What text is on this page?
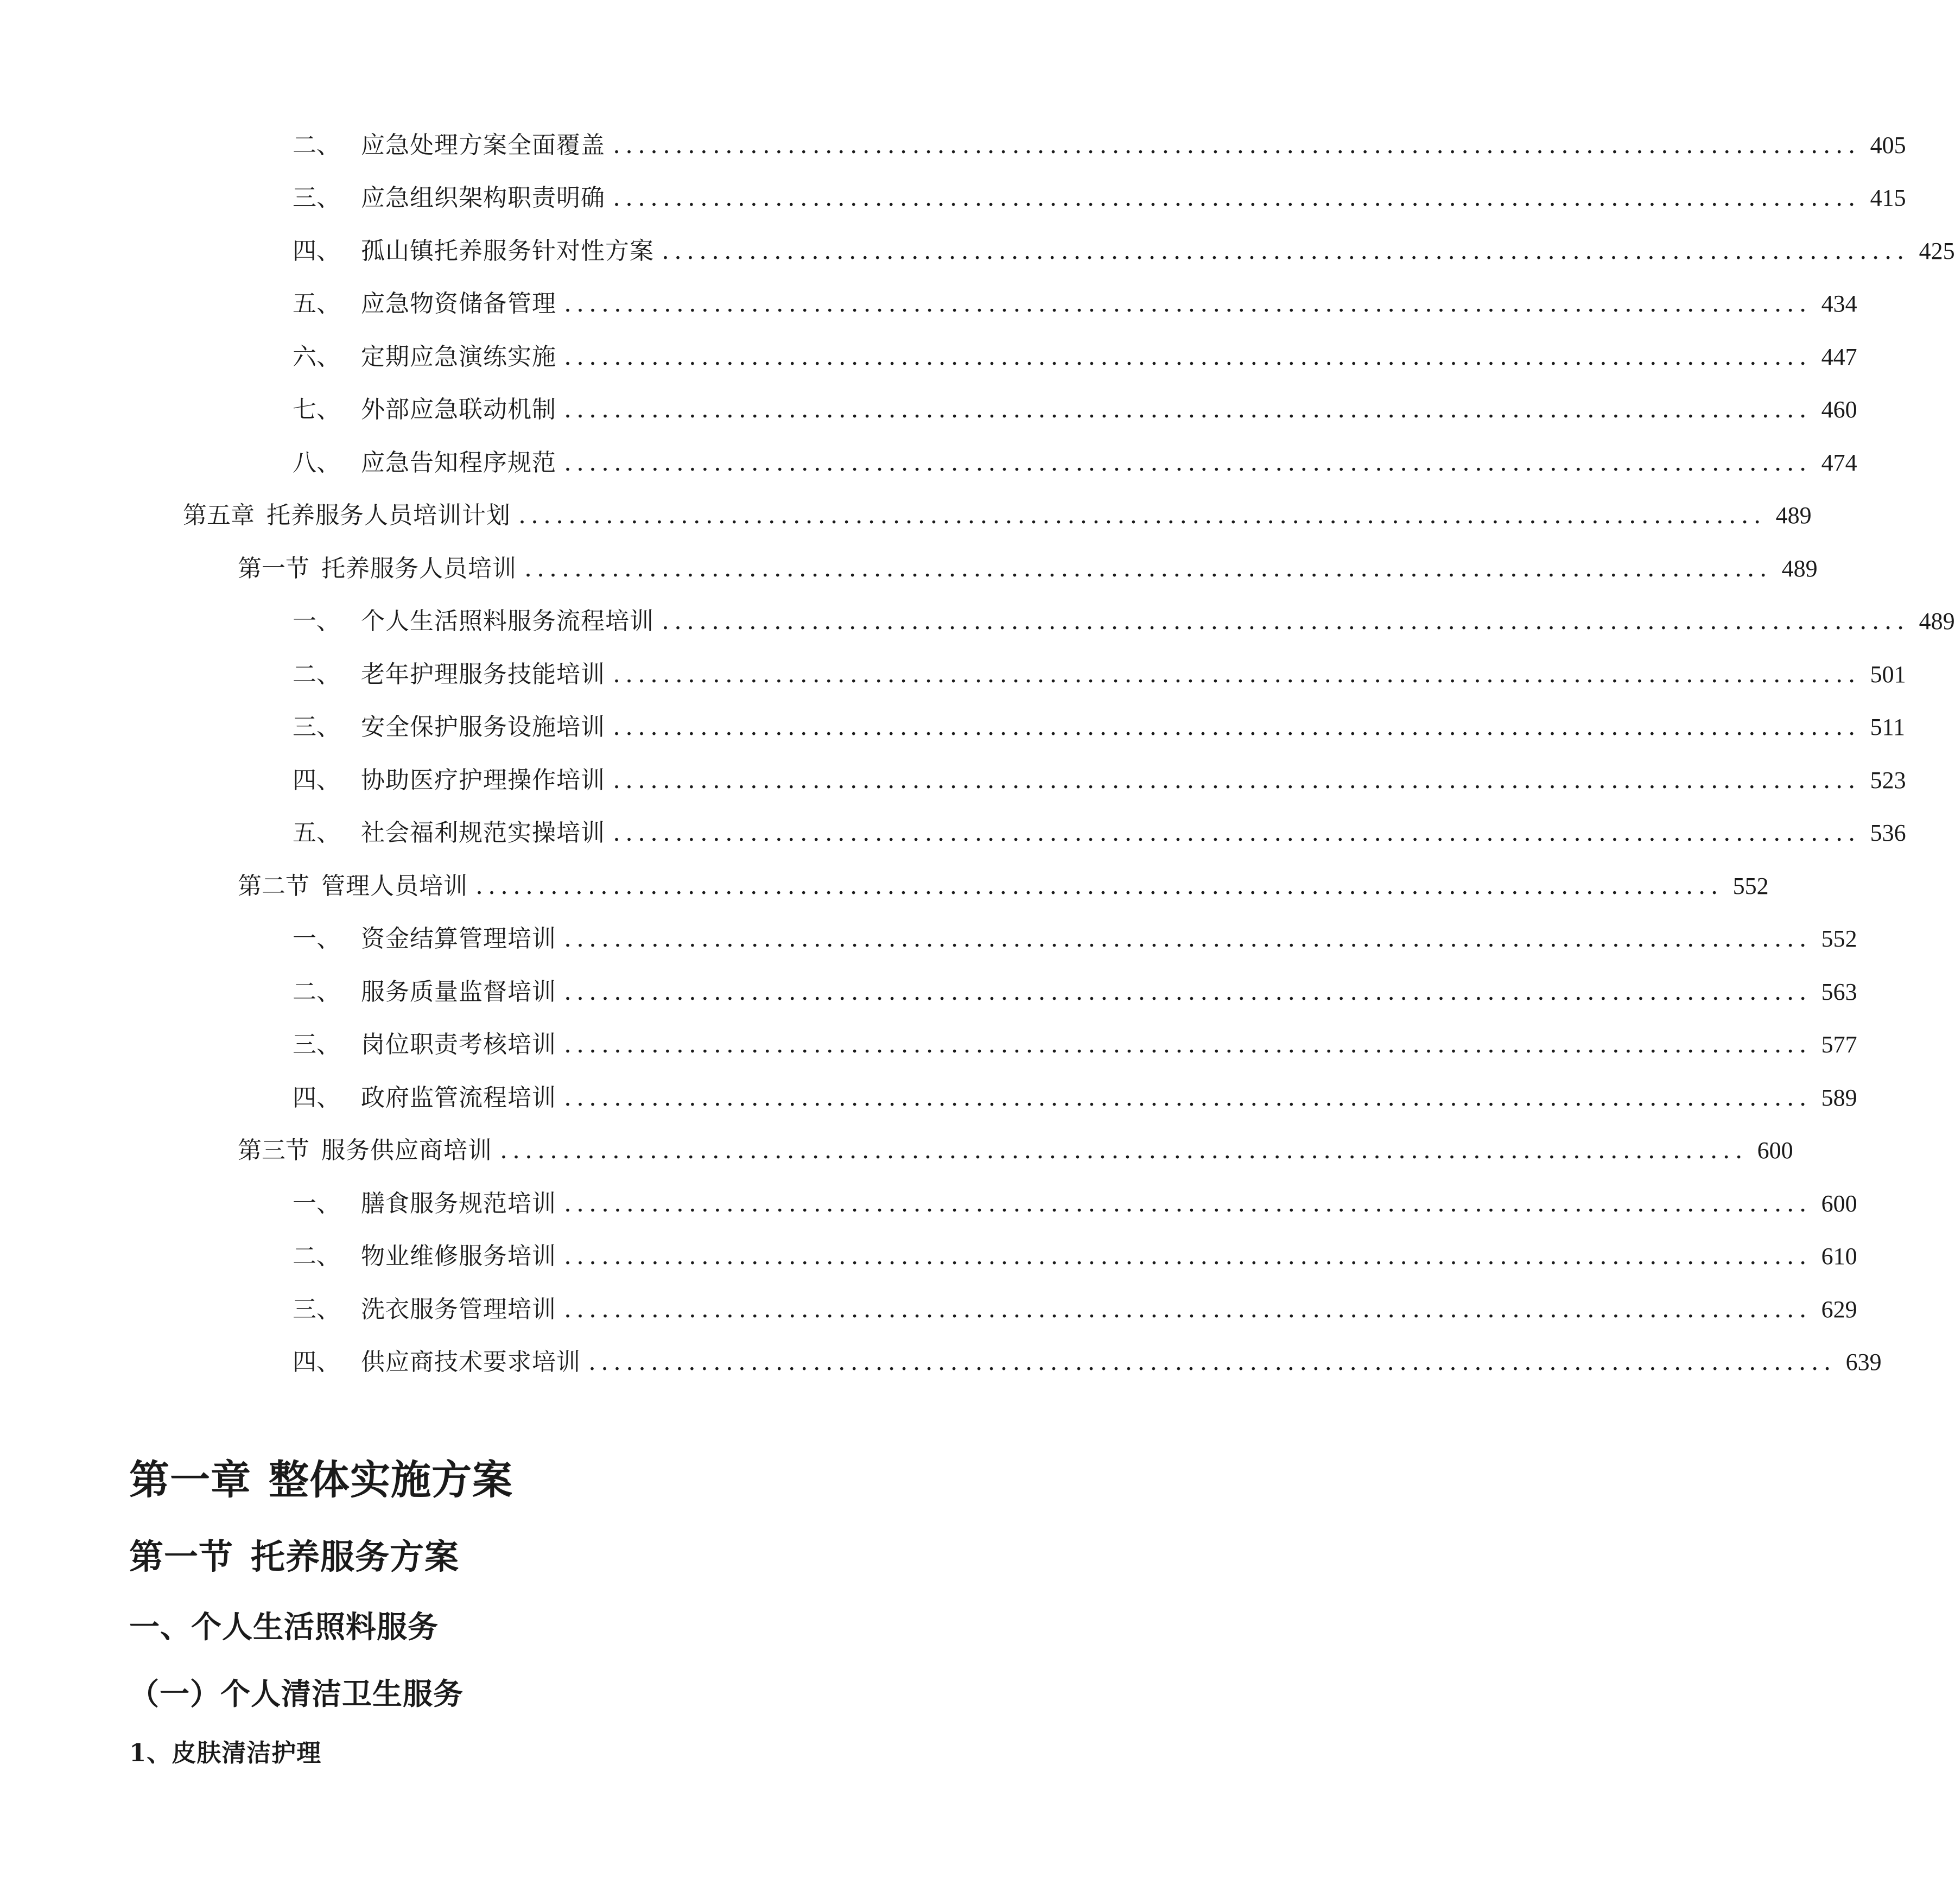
二、 应急处理方案全面覆盖 .................................................................................................... 405
三、 应急组织架构职责明确 .................................................................................................... 415
四、 孤山镇托养服务针对性方案 .................................................................................................... 425
五、 应急物资储备管理 .................................................................................................... 434
六、 定期应急演练实施 .................................................................................................... 447
七、 外部应急联动机制 .................................................................................................... 460
八、 应急告知程序规范 .................................................................................................... 474
第五章 托养服务人员培训计划 .................................................................................................... 489
第一节 托养服务人员培训 .................................................................................................... 489
一、 个人生活照料服务流程培训 .................................................................................................... 489
二、 老年护理服务技能培训 .................................................................................................... 501
三、 安全保护服务设施培训 .................................................................................................... 511
四、 协助医疗护理操作培训 .................................................................................................... 523
五、 社会福利规范实操培训 .................................................................................................... 536
第二节 管理人员培训 .................................................................................................... 552
一、 资金结算管理培训 .................................................................................................... 552
二、 服务质量监督培训 .................................................................................................... 563
三、 岗位职责考核培训 .................................................................................................... 577
四、 政府监管流程培训 .................................................................................................... 589
第三节 服务供应商培训 .................................................................................................... 600
一、 膳食服务规范培训 .................................................................................................... 600
二、 物业维修服务培训 .................................................................................................... 610
三、 洗衣服务管理培训 .................................................................................................... 629
四、 供应商技术要求培训 .................................................................................................... 639
第一章 整体实施方案
第一节 托养服务方案
一、个人生活照料服务
（一）个人清洁卫生服务
1、皮肤清洁护理
